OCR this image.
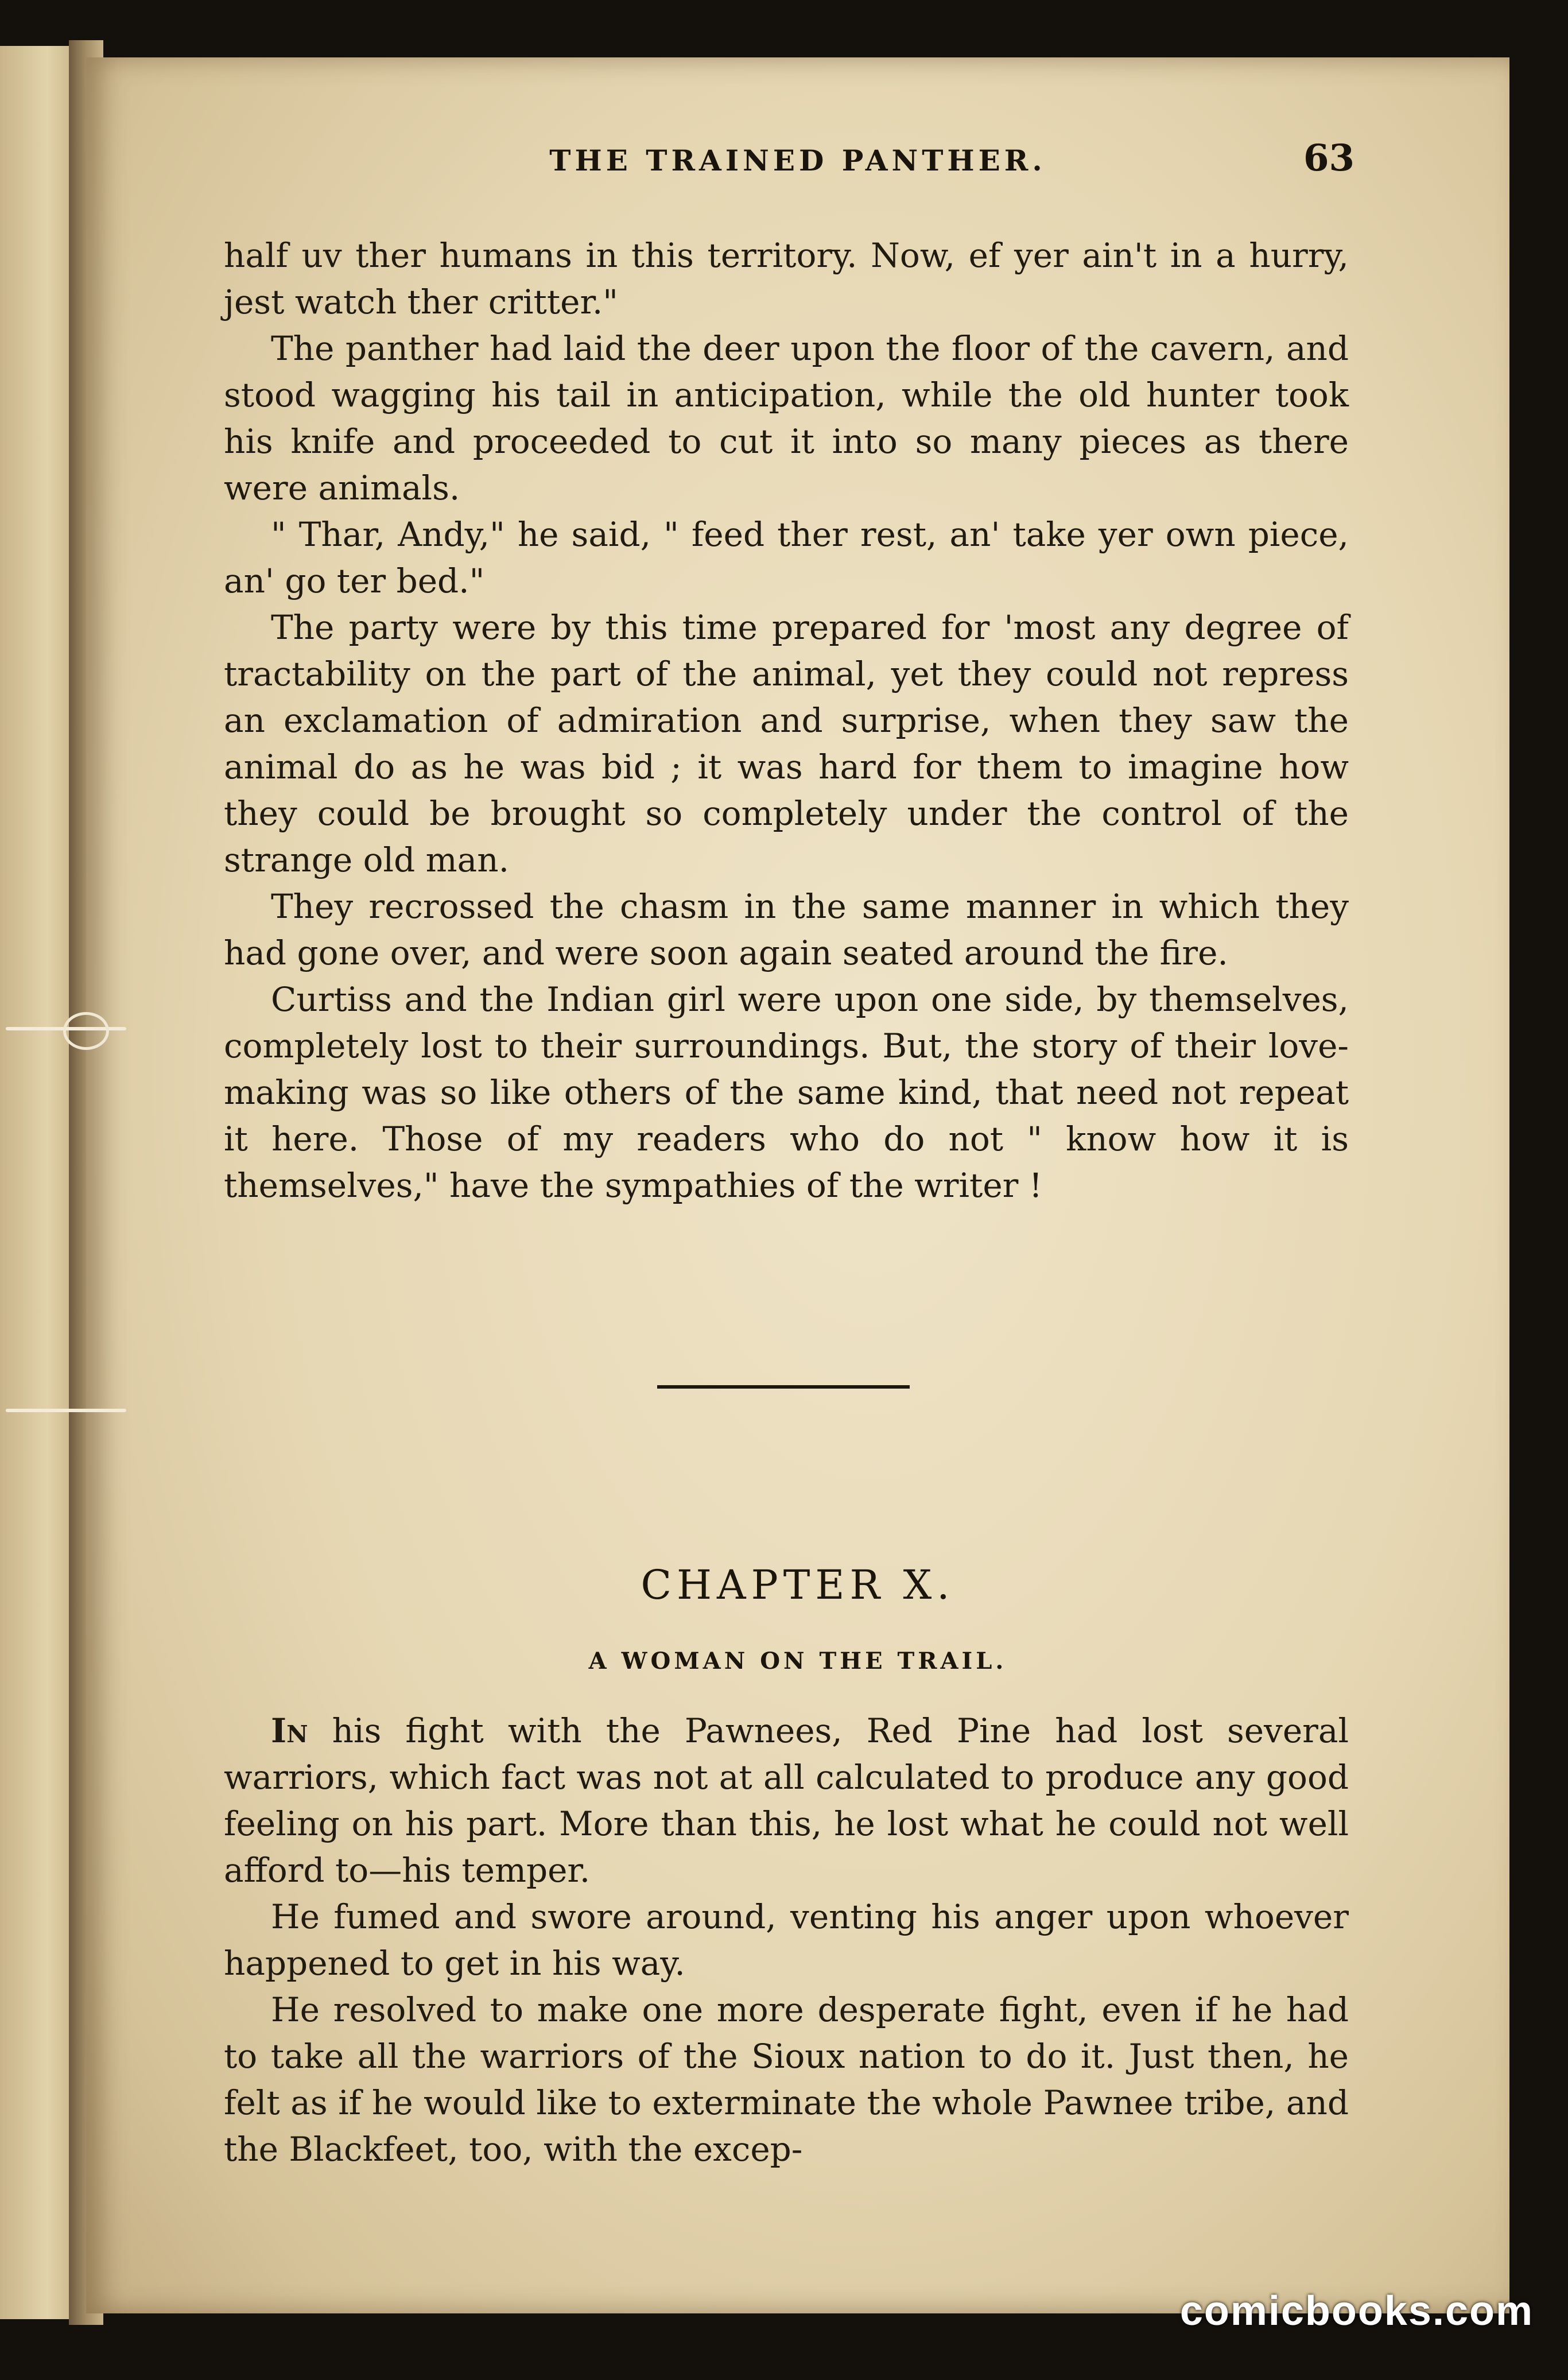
THE TRAINED PANTHER.	63

half uv ther humans in this territory. Now, ef yer ain't in a hurry, jest watch ther critter."

The panther had laid the deer upon the floor of the cavern, and stood wagging his tail in anticipation, while the old hunter took his knife and proceeded to cut it into so many pieces as there were animals.

" Thar, Andy," he said, " feed ther rest, an' take yer own piece, an' go ter bed."

The party were by this time prepared for 'most any degree of tractability on the part of the animal, yet they could not repress an exclamation of admiration and surprise, when they saw the animal do as he was bid ; it was hard for them to imagine how they could be brought so completely under the control of the strange old man.

They recrossed the chasm in the same manner in which they had gone over, and were soon again seated around the fire.

Curtiss and the Indian girl were upon one side, by themselves, completely lost to their surroundings. But, the story of their love-making was so like others of the same kind, that need not repeat it here. Those of my readers who do not " know how it is themselves," have the sympathies of the writer !

CHAPTER X.
A WOMAN ON THE TRAIL.

In his fight with the Pawnees, Red Pine had lost several warriors, which fact was not at all calculated to produce any good feeling on his part. More than this, he lost what he could not well afford to—his temper.

He fumed and swore around, venting his anger upon whoever happened to get in his way.

He resolved to make one more desperate fight, even if he had to take all the warriors of the Sioux nation to do it. Just then, he felt as if he would like to exterminate the whole Pawnee tribe, and the Blackfeet, too, with the excep-

comicbooks.com
